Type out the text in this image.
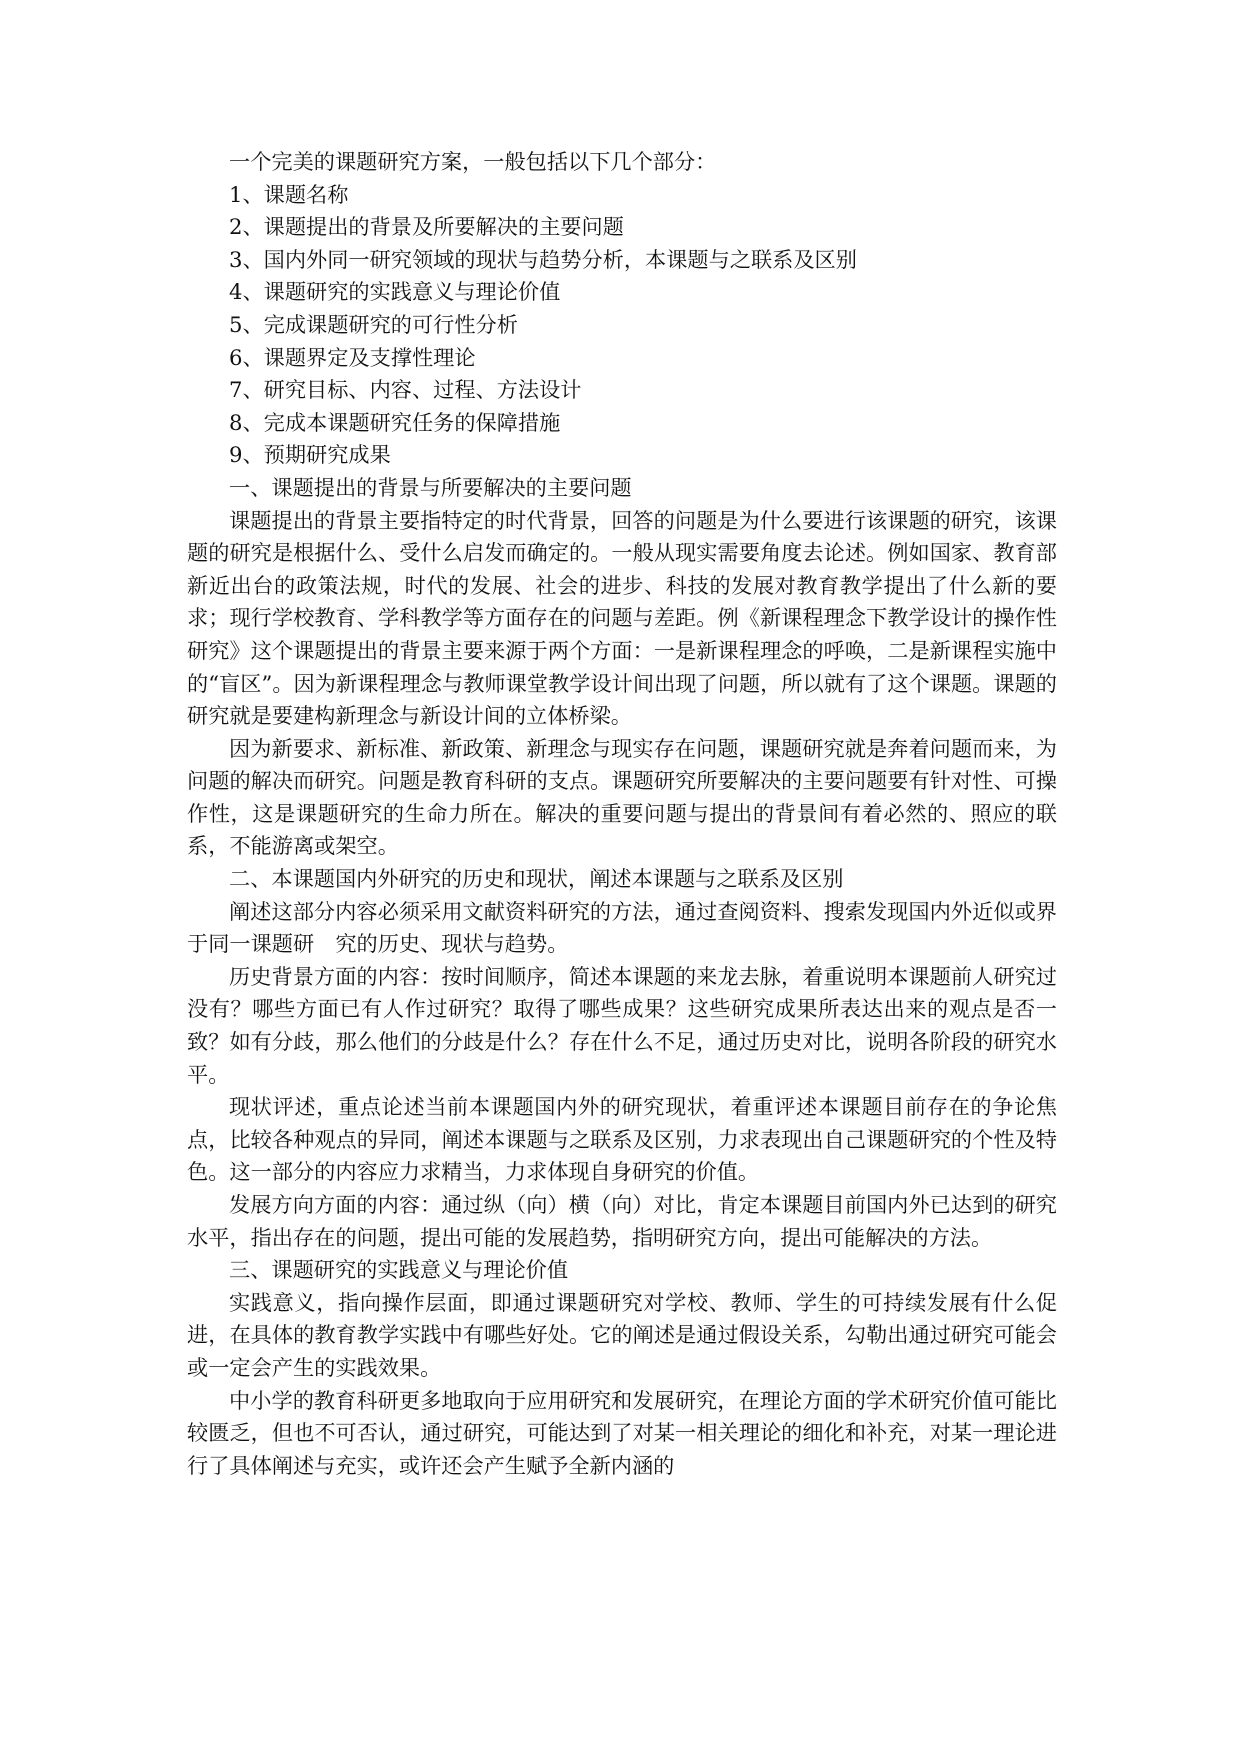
一个完美的课题研究方案，一般包括以下几个部分：

1、课题名称

2、课题提出的背景及所要解决的主要问题

3、国内外同一研究领域的现状与趋势分析，本课题与之联系及区别

4、课题研究的实践意义与理论价值

5、完成课题研究的可行性分析

6、课题界定及支撑性理论

7、研究目标、内容、过程、方法设计

8、完成本课题研究任务的保障措施

9、预期研究成果

一、课题提出的背景与所要解决的主要问题

课题提出的背景主要指特定的时代背景，回答的问题是为什么要进行该课题的研究，该课题的研究是根据什么、受什么启发而确定的。一般从现实需要角度去论述。例如国家、教育部新近出台的政策法规，时代的发展、社会的进步、科技的发展对教育教学提出了什么新的要求；现行学校教育、学科教学等方面存在的问题与差距。例《新课程理念下教学设计的操作性研究》这个课题提出的背景主要来源于两个方面：一是新课程理念的呼唤，二是新课程实施中的“盲区”。因为新课程理念与教师课堂教学设计间出现了问题，所以就有了这个课题。课题的研究就是要建构新理念与新设计间的立体桥梁。

因为新要求、新标准、新政策、新理念与现实存在问题，课题研究就是奔着问题而来，为问题的解决而研究。问题是教育科研的支点。课题研究所要解决的主要问题要有针对性、可操作性，这是课题研究的生命力所在。解决的重要问题与提出的背景间有着必然的、照应的联系，不能游离或架空。

二、本课题国内外研究的历史和现状，阐述本课题与之联系及区别

阐述这部分内容必须采用文献资料研究的方法，通过查阅资料、搜索发现国内外近似或界于同一课题研　究的历史、现状与趋势。

历史背景方面的内容：按时间顺序，简述本课题的来龙去脉，着重说明本课题前人研究过没有？哪些方面已有人作过研究？取得了哪些成果？这些研究成果所表达出来的观点是否一致？如有分歧，那么他们的分歧是什么？存在什么不足，通过历史对比，说明各阶段的研究水平。

现状评述，重点论述当前本课题国内外的研究现状，着重评述本课题目前存在的争论焦点，比较各种观点的异同，阐述本课题与之联系及区别，力求表现出自己课题研究的个性及特色。这一部分的内容应力求精当，力求体现自身研究的价值。

发展方向方面的内容：通过纵（向）横（向）对比，肯定本课题目前国内外已达到的研究水平，指出存在的问题，提出可能的发展趋势，指明研究方向，提出可能解决的方法。

三、课题研究的实践意义与理论价值

实践意义，指向操作层面，即通过课题研究对学校、教师、学生的可持续发展有什么促进，在具体的教育教学实践中有哪些好处。它的阐述是通过假设关系，勾勒出通过研究可能会或一定会产生的实践效果。

中小学的教育科研更多地取向于应用研究和发展研究，在理论方面的学术研究价值可能比较匮乏，但也不可否认，通过研究，可能达到了对某一相关理论的细化和补充，对某一理论进行了具体阐述与充实，或许还会产生赋予全新内涵的
